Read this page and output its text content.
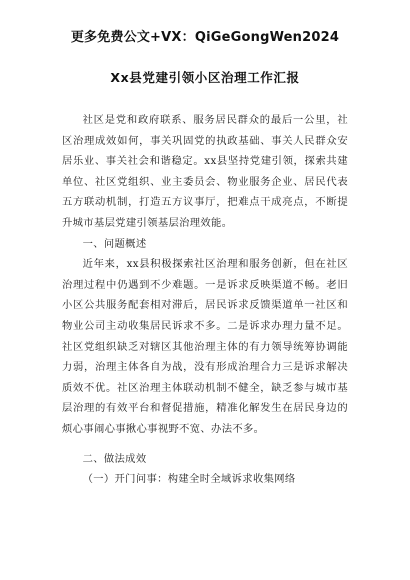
更多免费公文+VX：QiGeGongWen2024
Xx县党建引领小区治理工作汇报

社区是党和政府联系、服务居民群众的最后一公里，社区治理成效如何，事关巩固党的执政基础、事关人民群众安居乐业、事关社会和谐稳定。xx县坚持党建引领，探索共建单位、社区党组织、业主委员会、物业服务企业、居民代表五方联动机制，打造五方议事厅，把难点干成亮点，不断提升城市基层党建引领基层治理效能。

一、问题概述

近年来，xx县积极探索社区治理和服务创新，但在社区治理过程中仍遇到不少难题。一是诉求反映渠道不畅。老旧小区公共服务配套相对滞后，居民诉求反馈渠道单一社区和物业公司主动收集居民诉求不多。二是诉求办理力量不足。社区党组织缺乏对辖区其他治理主体的有力领导统筹协调能力弱，治理主体各自为战，没有形成治理合力三是诉求解决质效不优。社区治理主体联动机制不健全，缺乏参与城市基层治理的有效平台和督促措施，精准化解发生在居民身边的烦心事闹心事揪心事视野不宽、办法不多。

二、做法成效

（一）开门问事：构建全时全域诉求收集网络
